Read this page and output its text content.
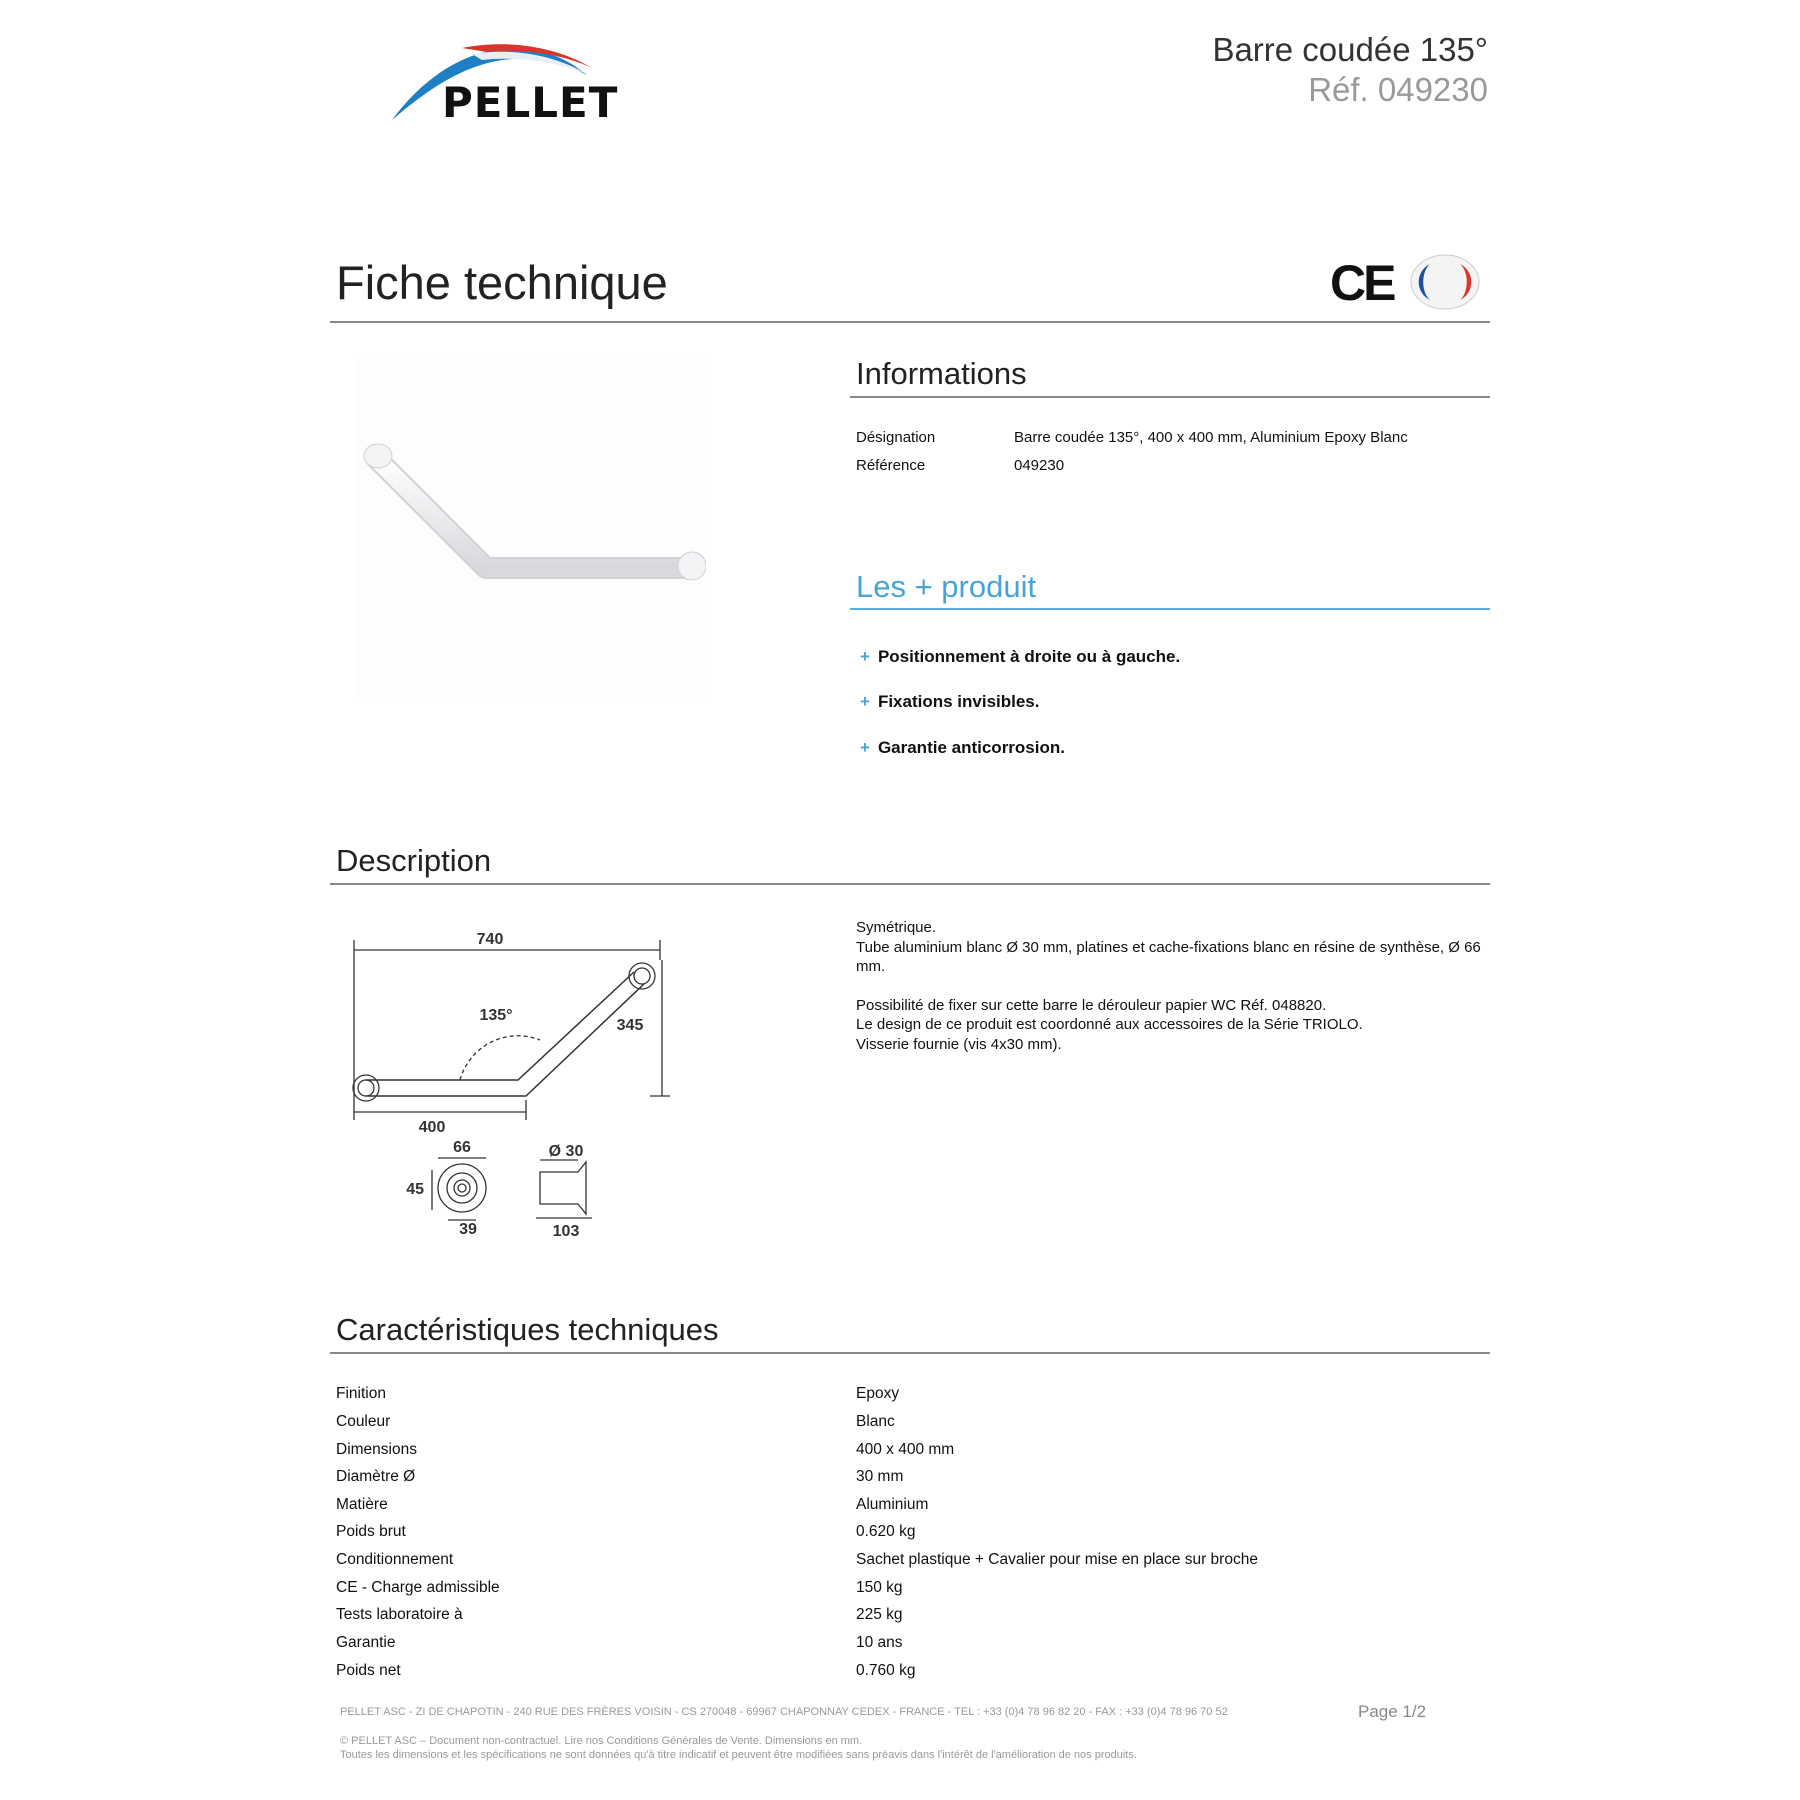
PELLET
Barre coudée 135°
Réf. 049230
Fiche technique	CE
Informations
Désignation	Barre coudée 135°, 400 x 400 mm, Aluminium Epoxy Blanc
Référence	049230
Les + produit
+ Positionnement à droite ou à gauche.
+ Fixations invisibles.
+ Garantie anticorrosion.
Description
740
135°
345
400
66
45
39
Ø 30
103

Symétrique.

Tube aluminium blanc Ø 30 mm, platines et cache-fixations blanc en résine de synthèse, Ø 66 mm.

Possibilité de fixer sur cette barre le dérouleur papier WC Réf. 048820.

Le design de ce produit est coordonné aux accessoires de la Série TRIOLO.

Visserie fournie (vis 4x30 mm).

Caractéristiques techniques
Finition	Epoxy
Couleur	Blanc
Dimensions	400 x 400 mm
Diamètre Ø	30 mm
Matière	Aluminium
Poids brut	0.620 kg
Conditionnement	Sachet plastique + Cavalier pour mise en place sur broche
CE - Charge admissible	150 kg
Tests laboratoire à	225 kg
Garantie	10 ans
Poids net	0.760 kg
PELLET ASC - ZI DE CHAPOTIN - 240 RUE DES FRÈRES VOISIN - CS 270048 - 69967 CHAPONNAY CEDEX - FRANCE - TEL : +33 (0)4 78 96 82 20 - FAX : +33 (0)4 78 96 70 52	Page 1/2
© PELLET ASC – Document non-contractuel. Lire nos Conditions Générales de Vente. Dimensions en mm.
Toutes les dimensions et les spécifications ne sont données qu'à titre indicatif et peuvent être modifiées sans préavis dans l'intérêt de l'amélioration de nos produits.
